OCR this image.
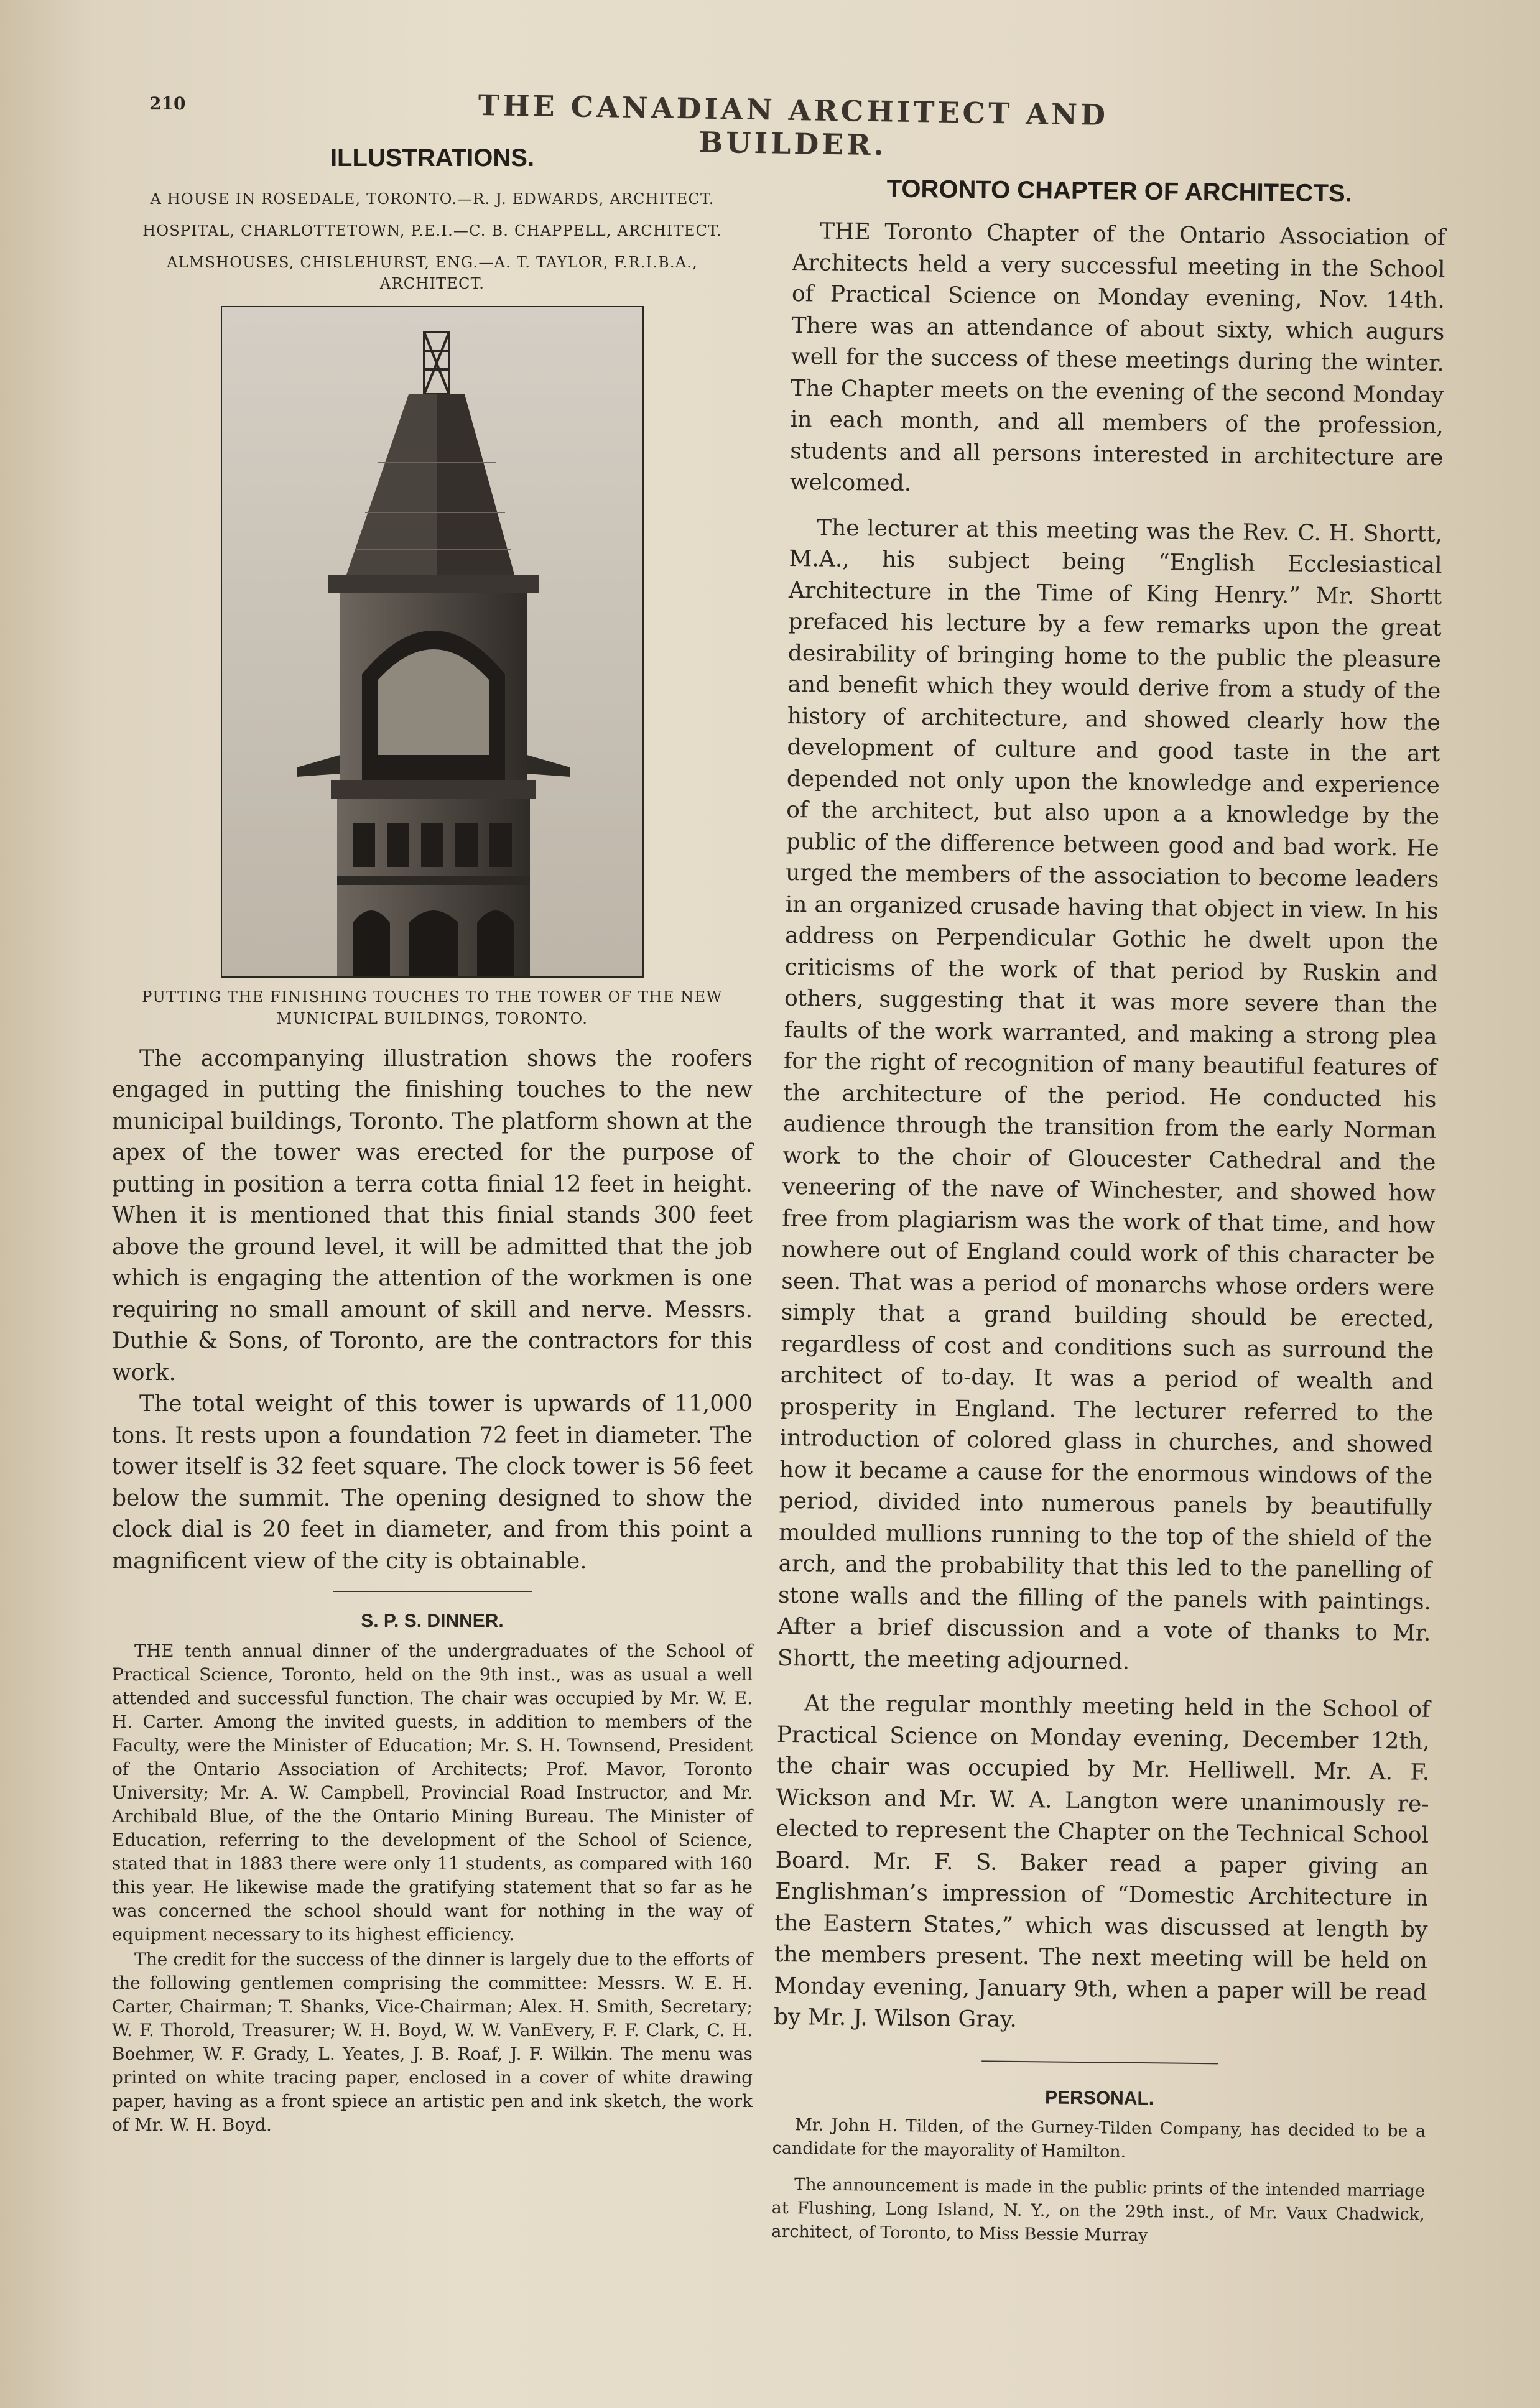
210	THE CANADIAN ARCHITECT AND BUILDER.
ILLUSTRATIONS.
A HOUSE IN ROSEDALE, TORONTO.—R. J. EDWARDS, ARCHITECT.
HOSPITAL, CHARLOTTETOWN, P.E.I.—C. B. CHAPPELL, ARCHITECT.
ALMSHOUSES, CHISLEHURST, ENG.—A. T. TAYLOR, F.R.I.B.A., ARCHITECT.
PUTTING THE FINISHING TOUCHES TO THE TOWER OF THE NEW MUNICIPAL BUILDINGS, TORONTO.

The accompanying illustration shows the roofers engaged in putting the finishing touches to the new municipal buildings, Toronto. The platform shown at the apex of the tower was erected for the purpose of putting in position a terra cotta finial 12 feet in height. When it is mentioned that this finial stands 300 feet above the ground level, it will be admitted that the job which is engaging the attention of the workmen is one requiring no small amount of skill and nerve. Messrs. Duthie & Sons, of Toronto, are the contractors for this work.

The total weight of this tower is upwards of 11,000 tons. It rests upon a foundation 72 feet in diameter. The tower itself is 32 feet square. The clock tower is 56 feet below the summit. The opening designed to show the clock dial is 20 feet in diameter, and from this point a magnificent view of the city is obtainable.

S. P. S. DINNER.

THE tenth annual dinner of the undergraduates of the School of Practical Science, Toronto, held on the 9th inst., was as usual a well attended and successful function. The chair was occupied by Mr. W. E. H. Carter. Among the invited guests, in addition to members of the Faculty, were the Minister of Education; Mr. S. H. Townsend, President of the Ontario Association of Architects; Prof. Mavor, Toronto University; Mr. A. W. Campbell, Provincial Road Instructor, and Mr. Archibald Blue, of the the Ontario Mining Bureau. The Minister of Education, referring to the development of the School of Science, stated that in 1883 there were only 11 students, as compared with 160 this year. He likewise made the gratifying statement that so far as he was concerned the school should want for nothing in the way of equipment necessary to its highest efficiency.

The credit for the success of the dinner is largely due to the efforts of the following gentlemen comprising the committee: Messrs. W. E. H. Carter, Chairman; T. Shanks, Vice-Chairman; Alex. H. Smith, Secretary; W. F. Thorold, Treasurer; W. H. Boyd, W. W. VanEvery, F. F. Clark, C. H. Boehmer, W. F. Grady, L. Yeates, J. B. Roaf, J. F. Wilkin. The menu was printed on white tracing paper, enclosed in a cover of white drawing paper, having as a front spiece an artistic pen and ink sketch, the work of Mr. W. H. Boyd.

TORONTO CHAPTER OF ARCHITECTS.

THE Toronto Chapter of the Ontario Association of Architects held a very successful meeting in the School of Practical Science on Monday evening, Nov. 14th. There was an attendance of about sixty, which augurs well for the success of these meetings during the winter. The Chapter meets on the evening of the second Monday in each month, and all members of the profession, students and all persons interested in architecture are welcomed.

The lecturer at this meeting was the Rev. C. H. Shortt, M.A., his subject being “English Ecclesiastical Architecture in the Time of King Henry.” Mr. Shortt prefaced his lecture by a few remarks upon the great desirability of bringing home to the public the pleasure and benefit which they would derive from a study of the history of architecture, and showed clearly how the development of culture and good taste in the art depended not only upon the knowledge and experience of the architect, but also upon a a knowledge by the public of the difference between good and bad work. He urged the members of the association to become leaders in an organized crusade having that object in view. In his address on Perpendicular Gothic he dwelt upon the criticisms of the work of that period by Ruskin and others, suggesting that it was more severe than the faults of the work warranted, and making a strong plea for the right of recognition of many beautiful features of the architecture of the period. He conducted his audience through the transition from the early Norman work to the choir of Gloucester Cathedral and the veneering of the nave of Winchester, and showed how free from plagiarism was the work of that time, and how nowhere out of England could work of this character be seen. That was a period of monarchs whose orders were simply that a grand building should be erected, regardless of cost and conditions such as surround the architect of to-day. It was a period of wealth and prosperity in England. The lecturer referred to the introduction of colored glass in churches, and showed how it became a cause for the enormous windows of the period, divided into numerous panels by beautifully moulded mullions running to the top of the shield of the arch, and the probability that this led to the panelling of stone walls and the filling of the panels with paintings. After a brief discussion and a vote of thanks to Mr. Shortt, the meeting adjourned.

At the regular monthly meeting held in the School of Practical Science on Monday evening, December 12th, the chair was occupied by Mr. Helliwell. Mr. A. F. Wickson and Mr. W. A. Langton were unanimously re-elected to represent the Chapter on the Technical School Board. Mr. F. S. Baker read a paper giving an Englishman’s impression of “Domestic Architecture in the Eastern States,” which was discussed at length by the members present. The next meeting will be held on Monday evening, January 9th, when a paper will be read by Mr. J. Wilson Gray.

PERSONAL.

Mr. John H. Tilden, of the Gurney-Tilden Company, has decided to be a candidate for the mayorality of Hamilton.

The announcement is made in the public prints of the intended marriage at Flushing, Long Island, N. Y., on the 29th inst., of Mr. Vaux Chadwick, architect, of Toronto, to Miss Bessie Murray
